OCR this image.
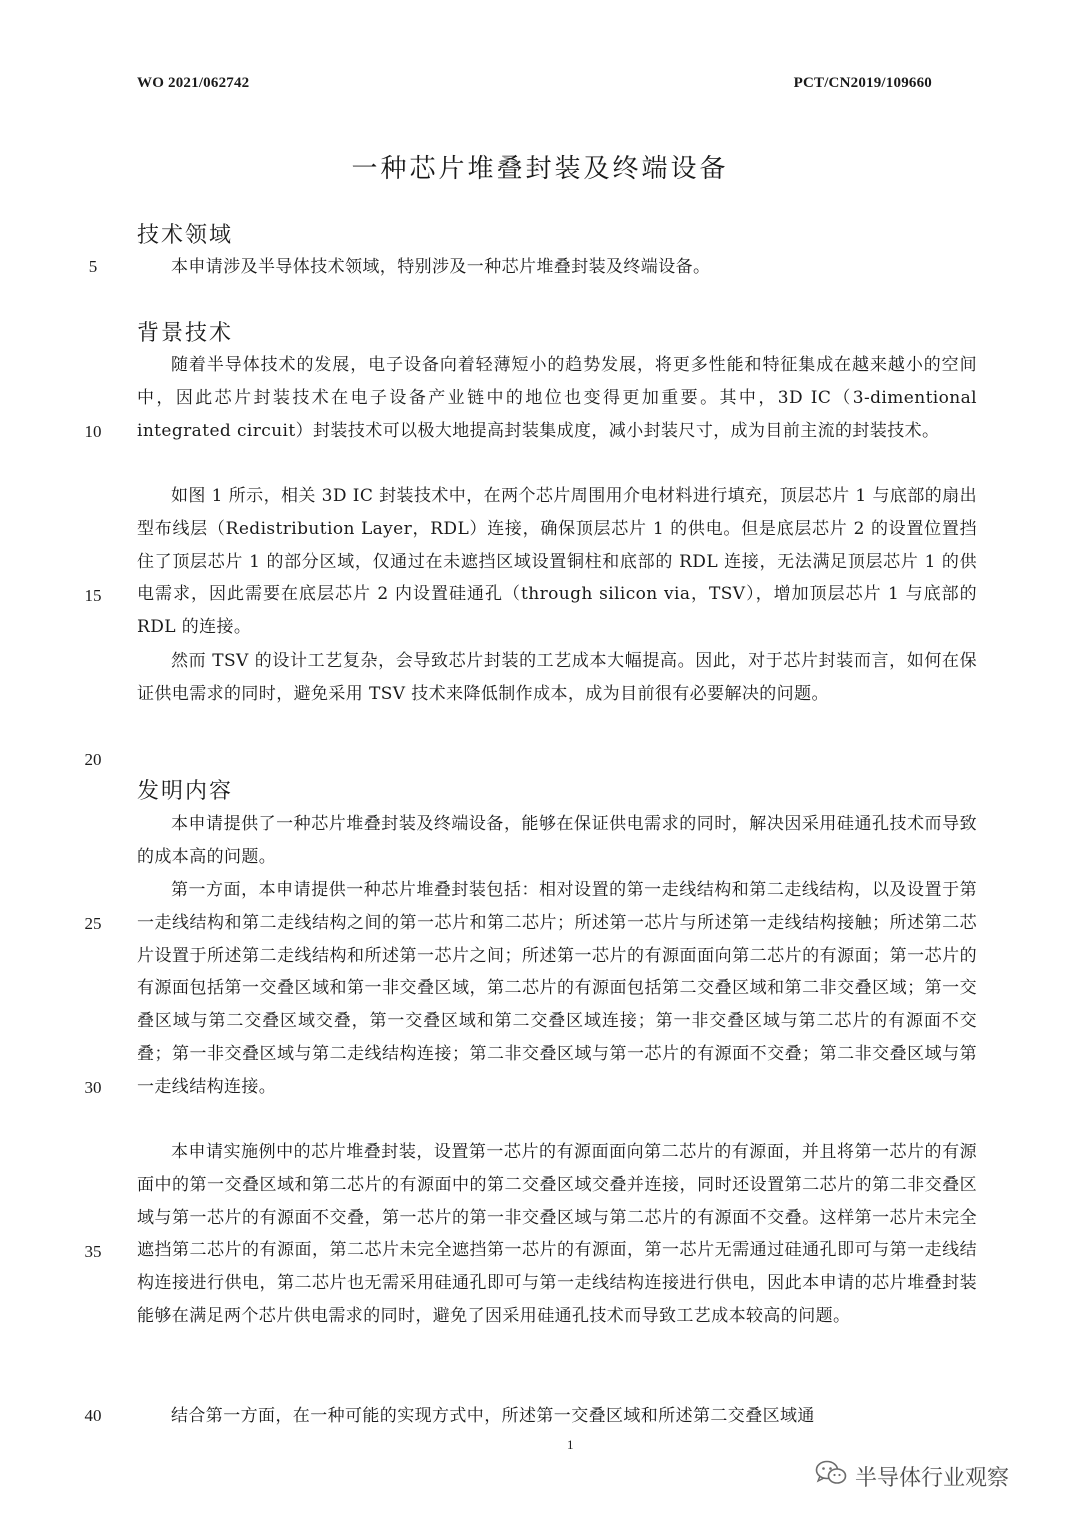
WO 2021/062742	PCT/CN2019/109660
一种芯片堆叠封装及终端设备
技术领域
背景技术
发明内容
5
10
15
20
25
30
35
40
本申请涉及半导体技术领域，特别涉及一种芯片堆叠封装及终端设备。
随着半导体技术的发展，电子设备向着轻薄短小的趋势发展，将更多性能和特征集成在越来越小的空间中，因此芯片封装技术在电子设备产业链中的地位也变得更加重要。其中，3D IC（3-dimentional integrated circuit）封装技术可以极大地提高封装集成度，减小封装尺寸，成为目前主流的封装技术。
如图 1 所示，相关 3D IC 封装技术中，在两个芯片周围用介电材料进行填充，顶层芯片 1 与底部的扇出型布线层（Redistribution Layer，RDL）连接，确保顶层芯片 1 的供电。但是底层芯片 2 的设置位置挡住了顶层芯片 1 的部分区域，仅通过在未遮挡区域设置铜柱和底部的 RDL 连接，无法满足顶层芯片 1 的供电需求，因此需要在底层芯片 2 内设置硅通孔（through silicon via，TSV），增加顶层芯片 1 与底部的 RDL 的连接。
然而 TSV 的设计工艺复杂，会导致芯片封装的工艺成本大幅提高。因此，对于芯片封装而言，如何在保证供电需求的同时，避免采用 TSV 技术来降低制作成本，成为目前很有必要解决的问题。
本申请提供了一种芯片堆叠封装及终端设备，能够在保证供电需求的同时，解决因采用硅通孔技术而导致的成本高的问题。
第一方面，本申请提供一种芯片堆叠封装包括：相对设置的第一走线结构和第二走线结构，以及设置于第一走线结构和第二走线结构之间的第一芯片和第二芯片；所述第一芯片与所述第一走线结构接触；所述第二芯片设置于所述第二走线结构和所述第一芯片之间；所述第一芯片的有源面面向第二芯片的有源面；第一芯片的有源面包括第一交叠区域和第一非交叠区域，第二芯片的有源面包括第二交叠区域和第二非交叠区域；第一交叠区域与第二交叠区域交叠，第一交叠区域和第二交叠区域连接；第一非交叠区域与第二芯片的有源面不交叠；第一非交叠区域与第二走线结构连接；第二非交叠区域与第一芯片的有源面不交叠；第二非交叠区域与第一走线结构连接。
本申请实施例中的芯片堆叠封装，设置第一芯片的有源面面向第二芯片的有源面，并且将第一芯片的有源面中的第一交叠区域和第二芯片的有源面中的第二交叠区域交叠并连接，同时还设置第二芯片的第二非交叠区域与第一芯片的有源面不交叠，第一芯片的第一非交叠区域与第二芯片的有源面不交叠。这样第一芯片未完全遮挡第二芯片的有源面，第二芯片未完全遮挡第一芯片的有源面，第一芯片无需通过硅通孔即可与第一走线结构连接进行供电，第二芯片也无需采用硅通孔即可与第一走线结构连接进行供电，因此本申请的芯片堆叠封装能够在满足两个芯片供电需求的同时，避免了因采用硅通孔技术而导致工艺成本较高的问题。
结合第一方面，在一种可能的实现方式中，所述第一交叠区域和所述第二交叠区域通
1
半导体行业观察
